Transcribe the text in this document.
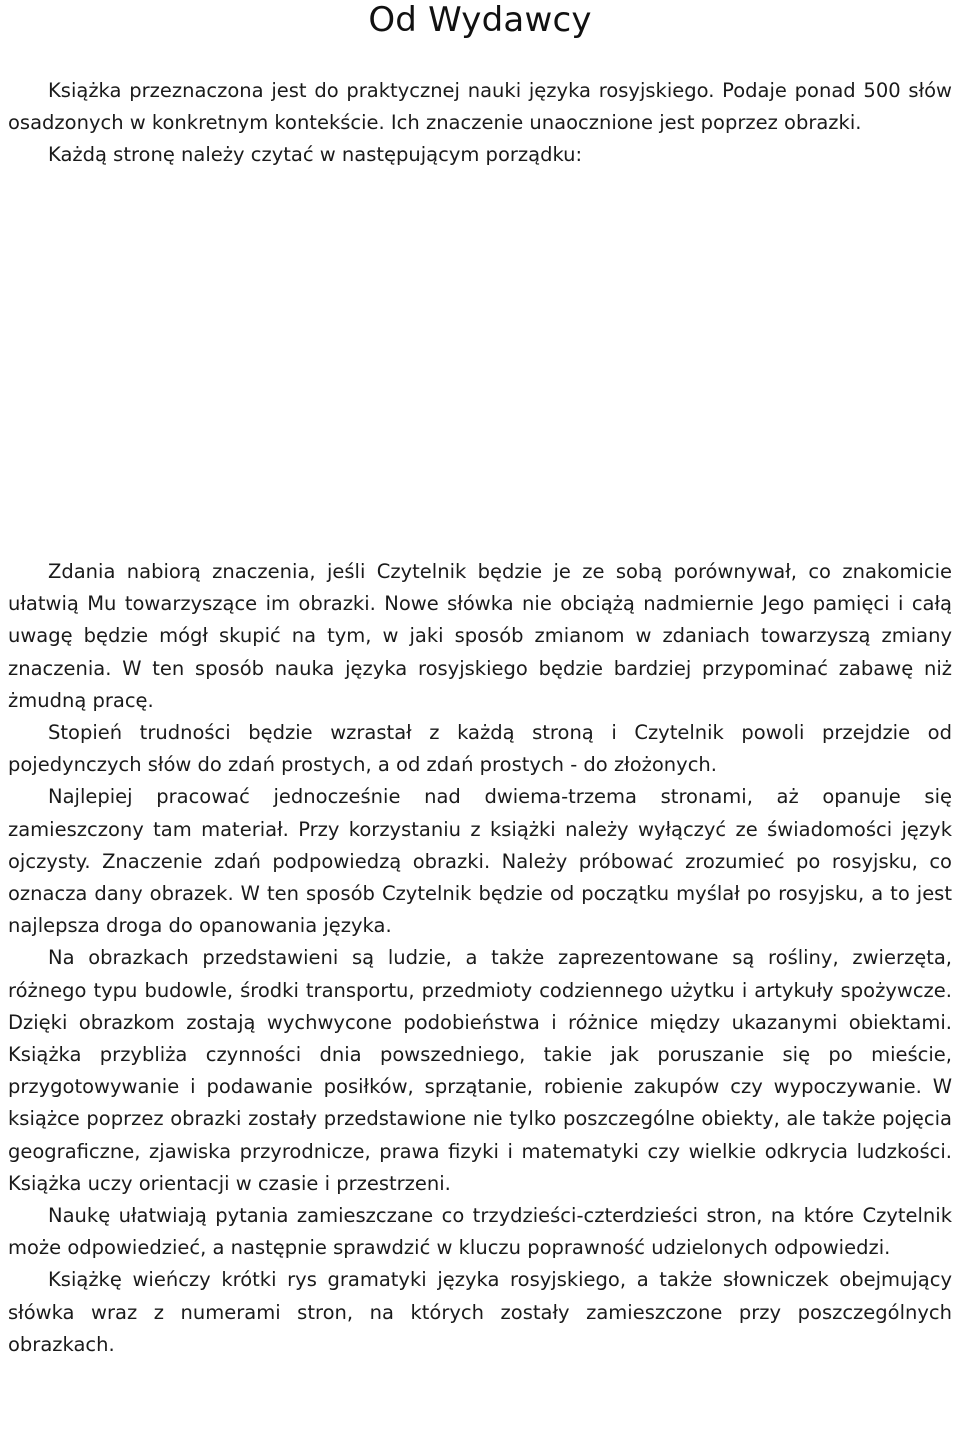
Od Wydawcy

Książka przeznaczona jest do praktycznej nauki języka rosyjskiego. Podaje ponad 500 słów osadzonych w konkretnym kontekście. Ich znaczenie unaocznione jest poprzez obrazki.

Każdą stronę należy czytać w następującym porządku:

Zdania nabiorą znaczenia, jeśli Czytelnik będzie je ze sobą porównywał, co znakomicie ułatwią Mu towarzyszące im obrazki. Nowe słówka nie obciążą nadmiernie Jego pamięci i całą uwagę będzie mógł skupić na tym, w jaki sposób zmianom w zdaniach towarzyszą zmiany znaczenia. W ten sposób nauka języka rosyjskiego będzie bardziej przypominać zabawę niż żmudną pracę.

Stopień trudności będzie wzrastał z każdą stroną i Czytelnik powoli przejdzie od pojedynczych słów do zdań prostych, a od zdań prostych - do złożonych.

Najlepiej pracować jednocześnie nad dwiema-trzema stronami, aż opanuje się zamieszczony tam materiał. Przy korzystaniu z książki należy wyłączyć ze świadomości język ojczysty. Znaczenie zdań podpowiedzą obrazki. Należy próbować zrozumieć po rosyjsku, co oznacza dany obrazek. W ten sposób Czytelnik będzie od początku myślał po rosyjsku, a to jest najlepsza droga do opanowania języka.

Na obrazkach przedstawieni są ludzie, a także zaprezentowane są rośliny, zwierzęta, różnego typu budowle, środki transportu, przedmioty codziennego użytku i artykuły spożywcze. Dzięki obrazkom zostają wychwycone podobieństwa i różnice między ukazanymi obiektami. Książka przybliża czynności dnia powszedniego, takie jak poruszanie się po mieście, przygotowywanie i podawanie posiłków, sprzątanie, robienie zakupów czy wypoczywanie. W książce poprzez obrazki zostały przedstawione nie tylko poszczególne obiekty, ale także pojęcia geograficzne, zjawiska przyrodnicze, prawa fizyki i matematyki czy wielkie odkrycia ludzkości. Książka uczy orientacji w czasie i przestrzeni.

Naukę ułatwiają pytania zamieszczane co trzydzieści-czterdzieści stron, na które Czytelnik może odpowiedzieć, a następnie sprawdzić w kluczu poprawność udzielonych odpowiedzi.

Książkę wieńczy krótki rys gramatyki języka rosyjskiego, a także słowniczek obejmujący słówka wraz z numerami stron, na których zostały zamieszczone przy poszczególnych obrazkach.
